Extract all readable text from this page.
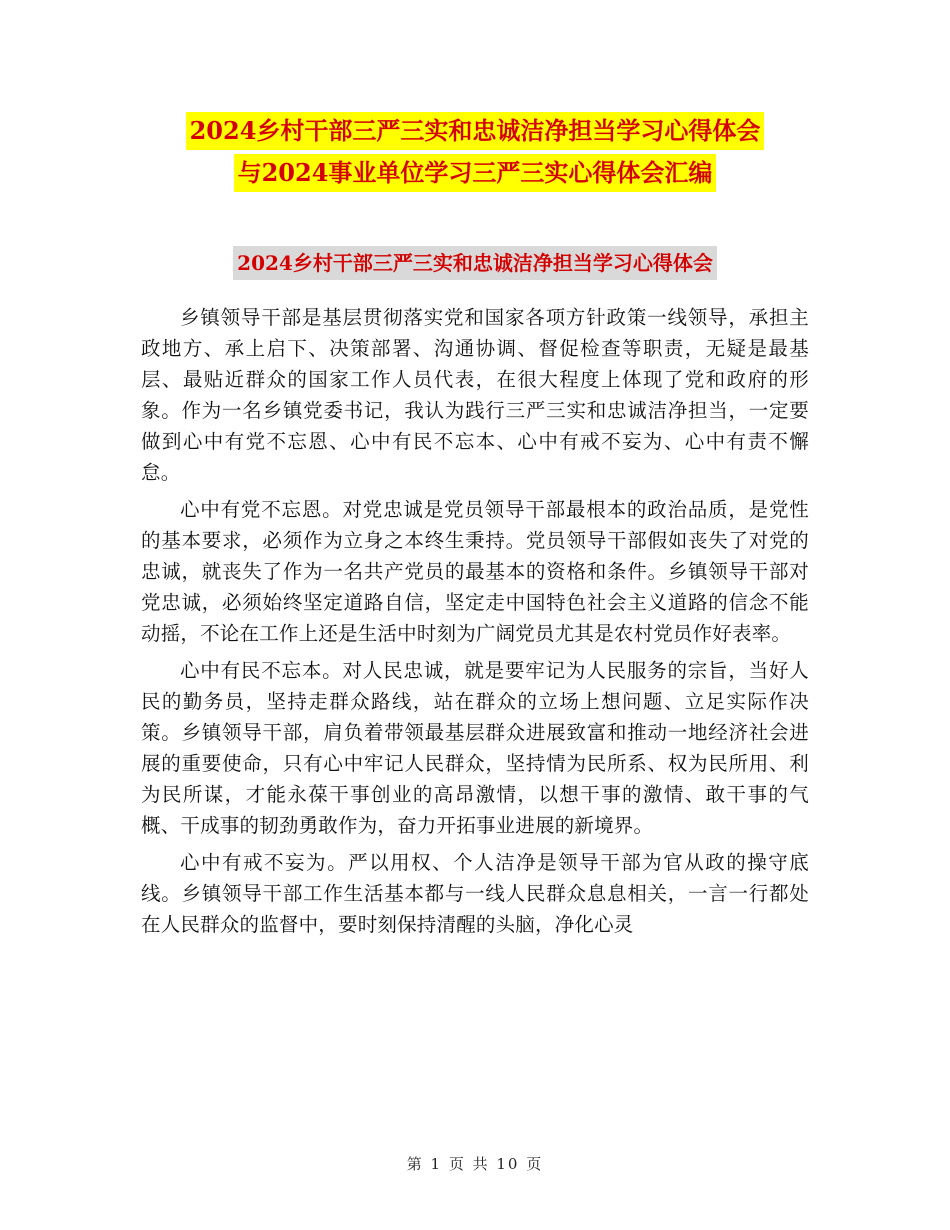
2024乡村干部三严三实和忠诚洁净担当学习心得体会
与2024事业单位学习三严三实心得体会汇编
2024乡村干部三严三实和忠诚洁净担当学习心得体会

乡镇领导干部是基层贯彻落实党和国家各项方针政策一线领导，承担主政地方、承上启下、决策部署、沟通协调、督促检查等职责，无疑是最基层、最贴近群众的国家工作人员代表，在很大程度上体现了党和政府的形象。作为一名乡镇党委书记，我认为践行三严三实和忠诚洁净担当，一定要做到心中有党不忘恩、心中有民不忘本、心中有戒不妄为、心中有责不懈怠。

心中有党不忘恩。对党忠诚是党员领导干部最根本的政治品质，是党性的基本要求，必须作为立身之本终生秉持。党员领导干部假如丧失了对党的忠诚，就丧失了作为一名共产党员的最基本的资格和条件。乡镇领导干部对党忠诚，必须始终坚定道路自信，坚定走中国特色社会主义道路的信念不能动摇，不论在工作上还是生活中时刻为广阔党员尤其是农村党员作好表率。

心中有民不忘本。对人民忠诚，就是要牢记为人民服务的宗旨，当好人民的勤务员，坚持走群众路线，站在群众的立场上想问题、立足实际作决策。乡镇领导干部，肩负着带领最基层群众进展致富和推动一地经济社会进展的重要使命，只有心中牢记人民群众，坚持情为民所系、权为民所用、利为民所谋，才能永葆干事创业的高昂激情，以想干事的激情、敢干事的气概、干成事的韧劲勇敢作为，奋力开拓事业进展的新境界。

心中有戒不妄为。严以用权、个人洁净是领导干部为官从政的操守底线。乡镇领导干部工作生活基本都与一线人民群众息息相关，一言一行都处在人民群众的监督中，要时刻保持清醒的头脑，净化心灵

第 1 页 共 10 页
